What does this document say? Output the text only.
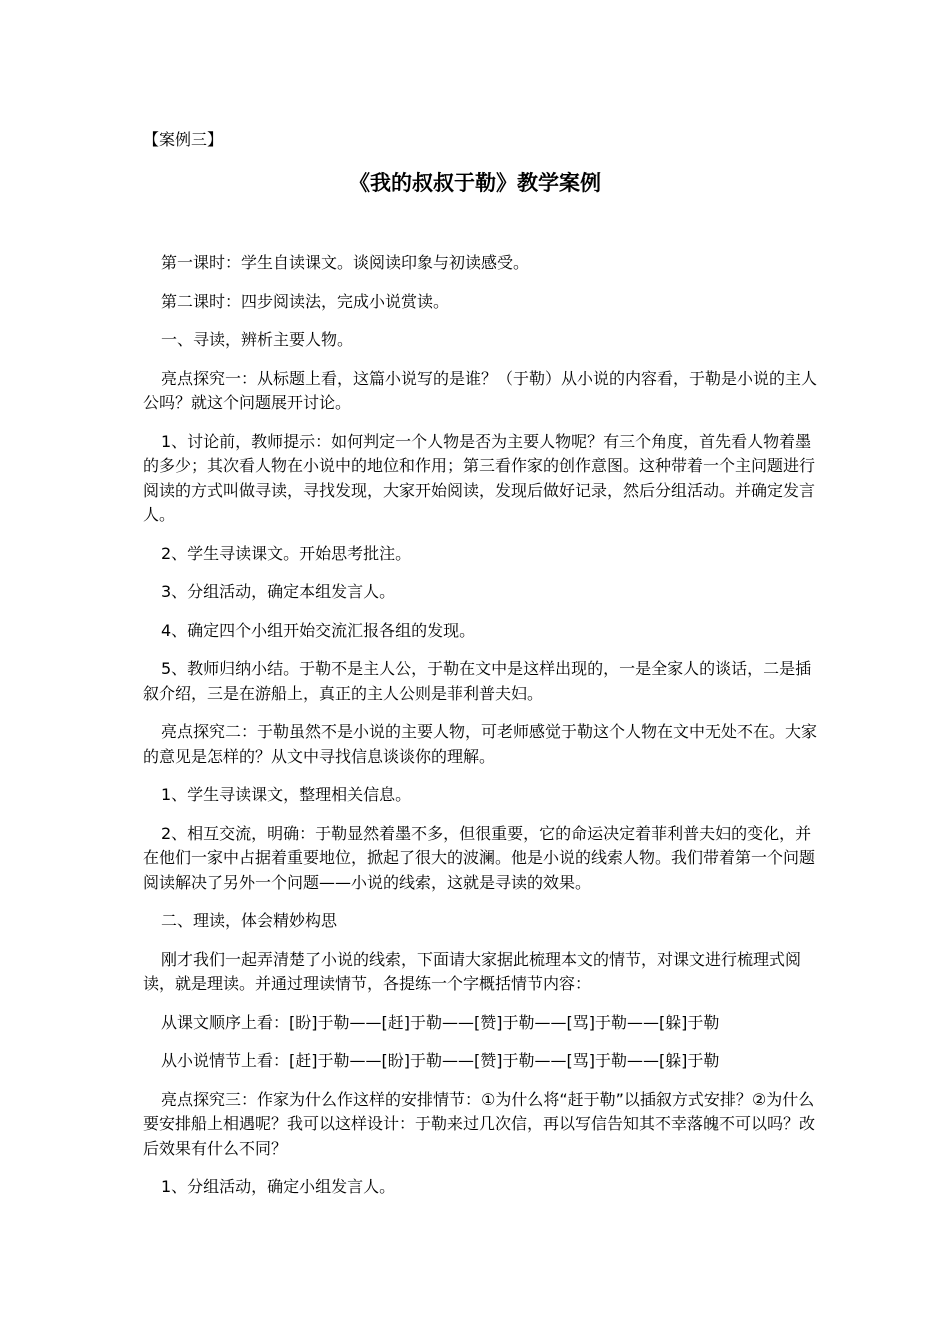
【案例三】
《我的叔叔于勒》教学案例

第一课时：学生自读课文。谈阅读印象与初读感受。

第二课时：四步阅读法，完成小说赏读。

一、寻读，辨析主要人物。

亮点探究一：从标题上看，这篇小说写的是谁？（于勒）从小说的内容看，于勒是小说的主人公吗？就这个问题展开讨论。

1、讨论前，教师提示：如何判定一个人物是否为主要人物呢？有三个角度，首先看人物着墨的多少；其次看人物在小说中的地位和作用；第三看作家的创作意图。这种带着一个主问题进行阅读的方式叫做寻读，寻找发现，大家开始阅读，发现后做好记录，然后分组活动。并确定发言人。

2、学生寻读课文。开始思考批注。

3、分组活动，确定本组发言人。

4、确定四个小组开始交流汇报各组的发现。

5、教师归纳小结。于勒不是主人公，于勒在文中是这样出现的，一是全家人的谈话，二是插叙介绍，三是在游船上，真正的主人公则是菲利普夫妇。

亮点探究二：于勒虽然不是小说的主要人物，可老师感觉于勒这个人物在文中无处不在。大家的意见是怎样的？从文中寻找信息谈谈你的理解。

1、学生寻读课文，整理相关信息。

2、相互交流，明确：于勒显然着墨不多，但很重要，它的命运决定着菲利普夫妇的变化，并在他们一家中占据着重要地位，掀起了很大的波澜。他是小说的线索人物。我们带着第一个问题阅读解决了另外一个问题——小说的线索，这就是寻读的效果。

二、理读，体会精妙构思

刚才我们一起弄清楚了小说的线索，下面请大家据此梳理本文的情节，对课文进行梳理式阅读，就是理读。并通过理读情节，各提练一个字概括情节内容：

从课文顺序上看：[盼]于勒——[赶]于勒——[赞]于勒——[骂]于勒——[躲]于勒

从小说情节上看：[赶]于勒——[盼]于勒——[赞]于勒——[骂]于勒——[躲]于勒

亮点探究三：作家为什么作这样的安排情节：①为什么将“赶于勒”以插叙方式安排？②为什么要安排船上相遇呢？我可以这样设计：于勒来过几次信，再以写信告知其不幸落魄不可以吗？改后效果有什么不同？

1、分组活动，确定小组发言人。
